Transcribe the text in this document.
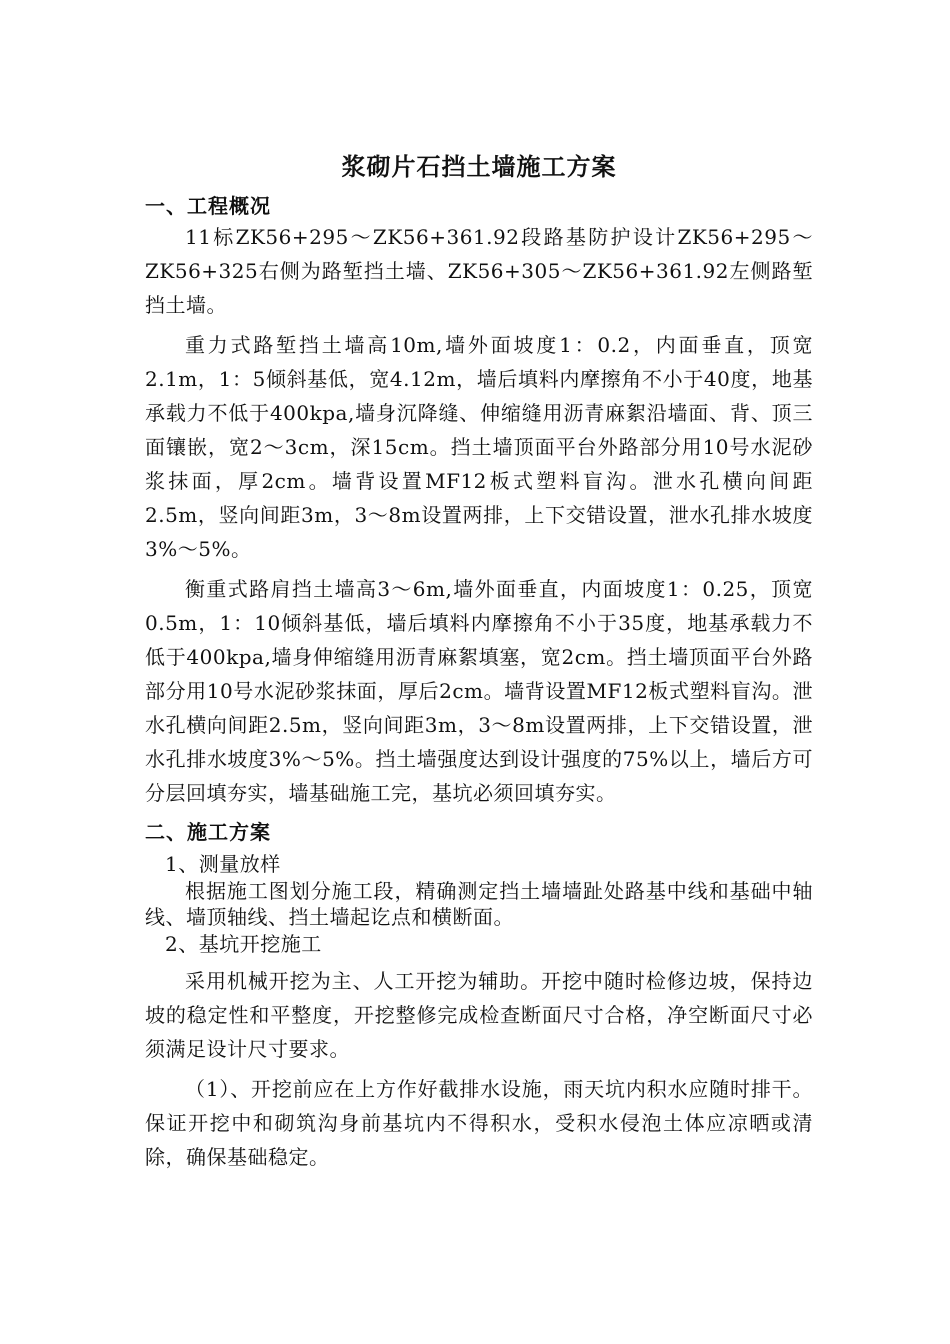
浆砌片石挡土墙施工方案
一、工程概况

11标ZK56+295～ZK56+361.92段路基防护设计ZK56+295～ZK56+325右侧为路堑挡土墙、ZK56+305～ZK56+361.92左侧路堑挡土墙。

重力式路堑挡土墙高10m,墙外面坡度1：0.2，内面垂直，顶宽2.1m，1：5倾斜基低，宽4.12m，墙后填料内摩擦角不小于40度，地基承载力不低于400kpa,墙身沉降缝、伸缩缝用沥青麻絮沿墙面、背、顶三面镶嵌，宽2～3cm，深15cm。挡土墙顶面平台外路部分用10号水泥砂浆抹面，厚2cm。墙背设置MF12板式塑料盲沟。泄水孔横向间距2.5m，竖向间距3m，3～8m设置两排，上下交错设置，泄水孔排水坡度3%～5%。

衡重式路肩挡土墙高3～6m,墙外面垂直，内面坡度1：0.25，顶宽0.5m，1：10倾斜基低，墙后填料内摩擦角不小于35度，地基承载力不低于400kpa,墙身伸缩缝用沥青麻絮填塞，宽2cm。挡土墙顶面平台外路部分用10号水泥砂浆抹面，厚后2cm。墙背设置MF12板式塑料盲沟。泄水孔横向间距2.5m，竖向间距3m，3～8m设置两排，上下交错设置，泄水孔排水坡度3%～5%。挡土墙强度达到设计强度的75%以上，墙后方可分层回填夯实，墙基础施工完，基坑必须回填夯实。

二、施工方案
1、测量放样

根据施工图划分施工段，精确测定挡土墙墙趾处路基中线和基础中轴线、墙顶轴线、挡土墙起讫点和横断面。

2、基坑开挖施工

采用机械开挖为主、人工开挖为辅助。开挖中随时检修边坡，保持边坡的稳定性和平整度，开挖整修完成检查断面尺寸合格，净空断面尺寸必须满足设计尺寸要求。

（1）、开挖前应在上方作好截排水设施，雨天坑内积水应随时排干。保证开挖中和砌筑沟身前基坑内不得积水，受积水侵泡土体应凉晒或清除，确保基础稳定。
